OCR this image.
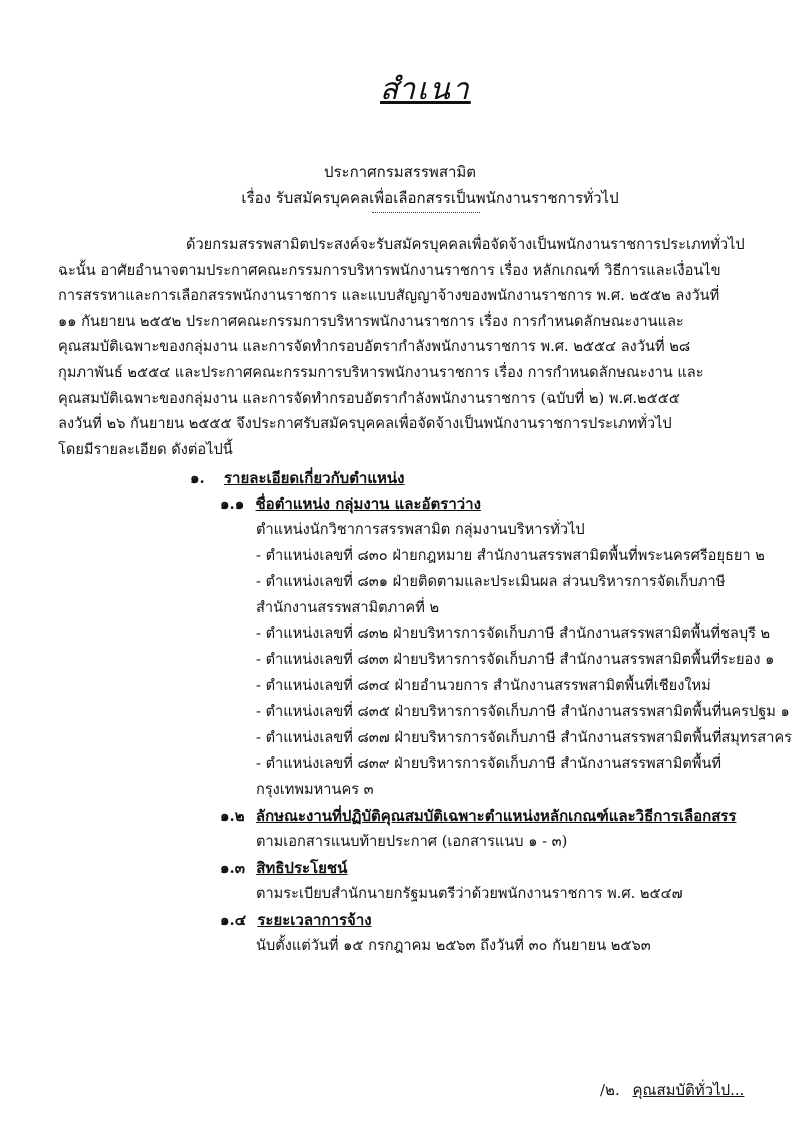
สำเนา
ประกาศกรมสรรพสามิต
เรื่อง รับสมัครบุคคลเพื่อเลือกสรรเป็นพนักงานราชการทั่วไป
ด้วยกรมสรรพสามิตประสงค์จะรับสมัครบุคคลเพื่อจัดจ้างเป็นพนักงานราชการประเภททั่วไป
ฉะนั้น อาศัยอำนาจตามประกาศคณะกรรมการบริหารพนักงานราชการ เรื่อง หลักเกณฑ์ วิธีการและเงื่อนไข
การสรรหาและการเลือกสรรพนักงานราชการ และแบบสัญญาจ้างของพนักงานราชการ พ.ศ. ๒๕๕๒ ลงวันที่
๑๑ กันยายน ๒๕๕๒ ประกาศคณะกรรมการบริหารพนักงานราชการ เรื่อง การกำหนดลักษณะงานและ
คุณสมบัติเฉพาะของกลุ่มงาน และการจัดทำกรอบอัตรากำลังพนักงานราชการ พ.ศ. ๒๕๕๔ ลงวันที่ ๒๘
กุมภาพันธ์ ๒๕๕๔ และประกาศคณะกรรมการบริหารพนักงานราชการ เรื่อง การกำหนดลักษณะงาน และ
คุณสมบัติเฉพาะของกลุ่มงาน และการจัดทำกรอบอัตรากำลังพนักงานราชการ (ฉบับที่ ๒) พ.ศ.๒๕๕๕
ลงวันที่ ๒๖ กันยายน ๒๕๕๕ จึงประกาศรับสมัครบุคคลเพื่อจัดจ้างเป็นพนักงานราชการประเภททั่วไป
โดยมีรายละเอียด ดังต่อไปนี้
๑. รายละเอียดเกี่ยวกับตำแหน่ง
๑.๑ ชื่อตำแหน่ง กลุ่มงาน และอัตราว่าง
ตำแหน่งนักวิชาการสรรพสามิต กลุ่มงานบริหารทั่วไป
- ตำแหน่งเลขที่ ๘๓๐ ฝ่ายกฎหมาย สำนักงานสรรพสามิตพื้นที่พระนครศรีอยุธยา ๒
- ตำแหน่งเลขที่ ๘๓๑ ฝ่ายติดตามและประเมินผล ส่วนบริหารการจัดเก็บภาษี
สำนักงานสรรพสามิตภาคที่ ๒
- ตำแหน่งเลขที่ ๘๓๒ ฝ่ายบริหารการจัดเก็บภาษี สำนักงานสรรพสามิตพื้นที่ชลบุรี ๒
- ตำแหน่งเลขที่ ๘๓๓ ฝ่ายบริหารการจัดเก็บภาษี สำนักงานสรรพสามิตพื้นที่ระยอง ๑
- ตำแหน่งเลขที่ ๘๓๔ ฝ่ายอำนวยการ สำนักงานสรรพสามิตพื้นที่เชียงใหม่
- ตำแหน่งเลขที่ ๘๓๕ ฝ่ายบริหารการจัดเก็บภาษี สำนักงานสรรพสามิตพื้นที่นครปฐม ๑
- ตำแหน่งเลขที่ ๘๓๗ ฝ่ายบริหารการจัดเก็บภาษี สำนักงานสรรพสามิตพื้นที่สมุทรสาคร
- ตำแหน่งเลขที่ ๘๓๙ ฝ่ายบริหารการจัดเก็บภาษี สำนักงานสรรพสามิตพื้นที่
กรุงเทพมหานคร ๓
๑.๒ ลักษณะงานที่ปฏิบัติคุณสมบัติเฉพาะตำแหน่งหลักเกณฑ์และวิธีการเลือกสรร
ตามเอกสารแนบท้ายประกาศ (เอกสารแนบ ๑ - ๓)
๑.๓ สิทธิประโยชน์
ตามระเบียบสำนักนายกรัฐมนตรีว่าด้วยพนักงานราชการ พ.ศ. ๒๕๔๗
๑.๔ ระยะเวลาการจ้าง
นับตั้งแต่วันที่ ๑๕ กรกฎาคม ๒๕๖๓ ถึงวันที่ ๓๐ กันยายน ๒๕๖๓
/๒. คุณสมบัติทั่วไป...
